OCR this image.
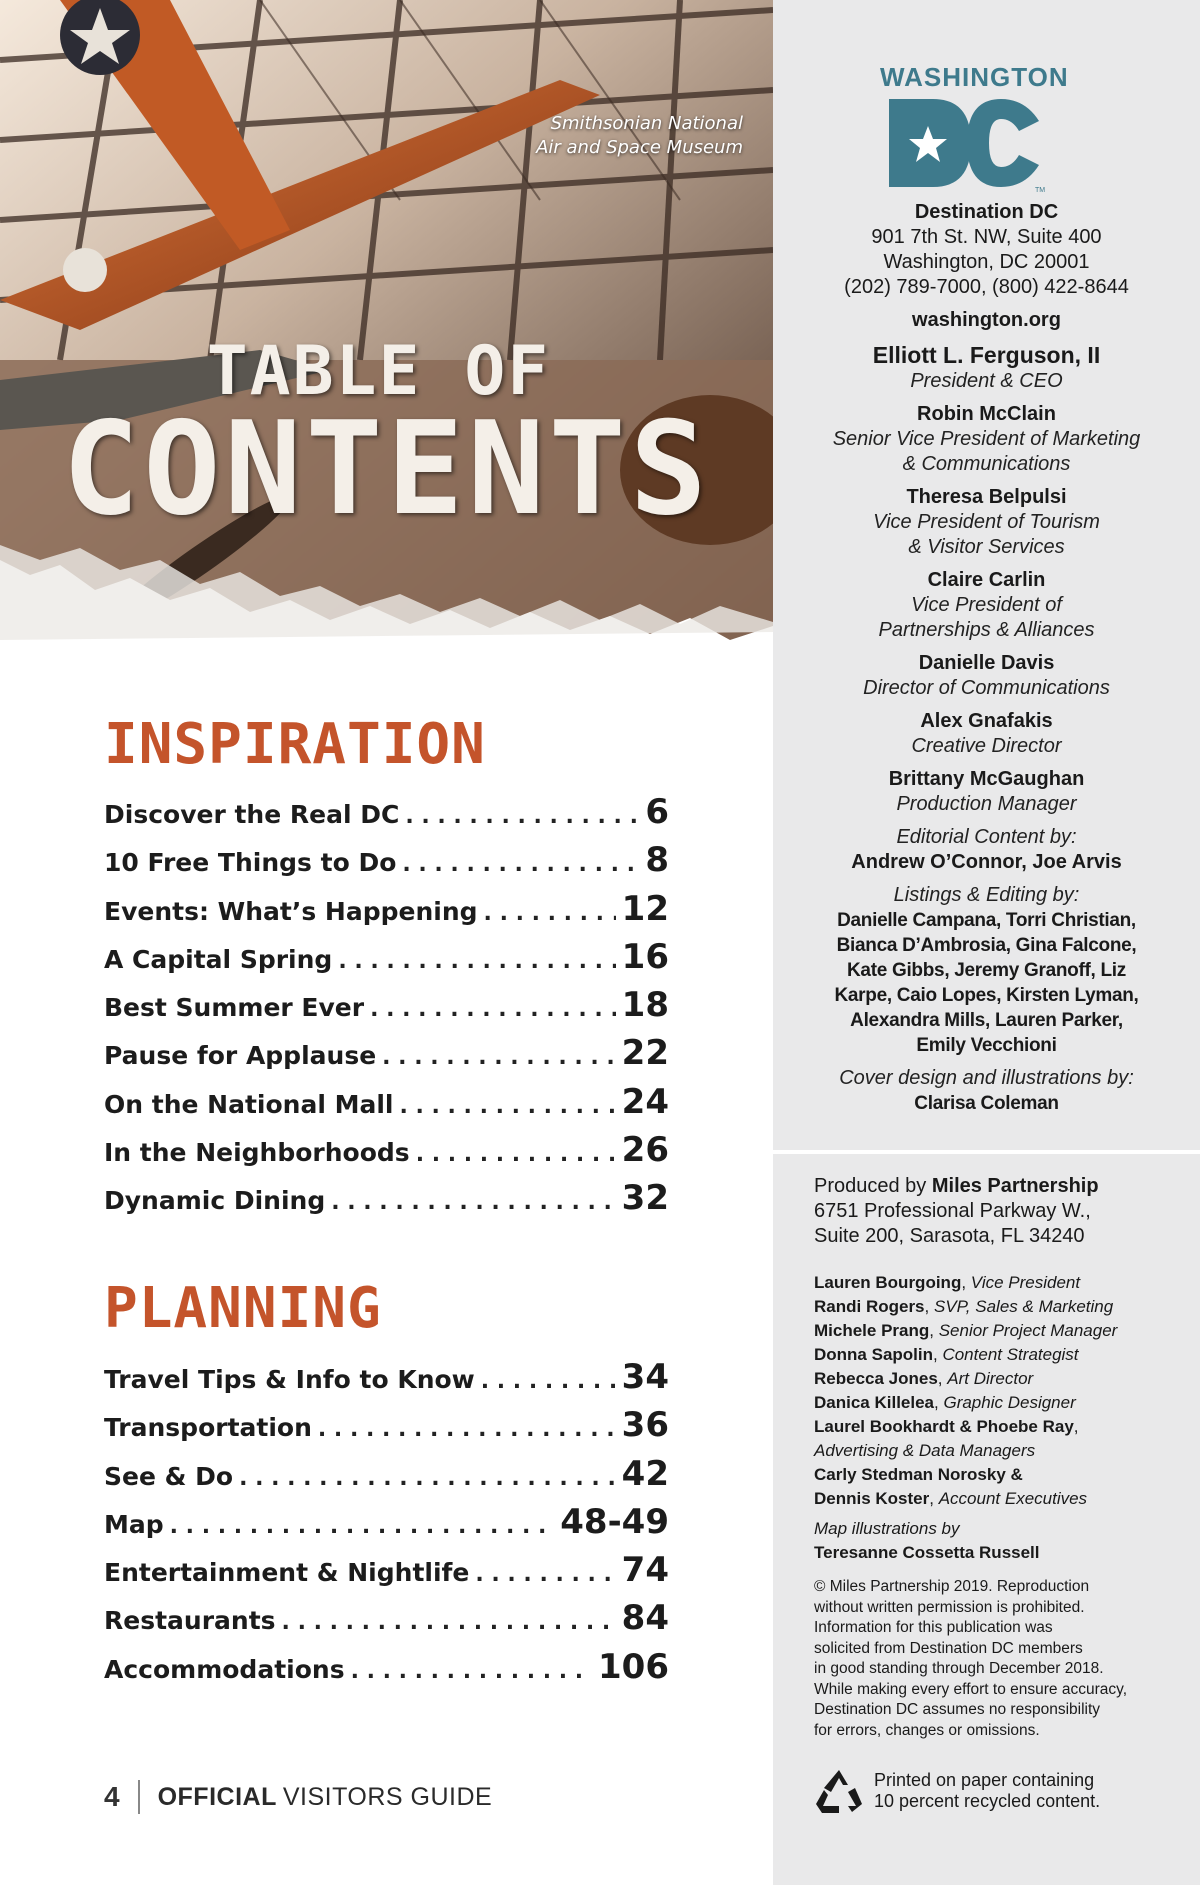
Smithsonian National
Air and Space Museum
TABLE OF
CONTENTS
INSPIRATION
Discover the Real DC . . .	6
10 Free Things to Do . . .	8
Events: What’s Happening . . .	12
A Capital Spring . . .	16
Best Summer Ever . . .	18
Pause for Applause . . .	22
On the National Mall . . .	24
In the Neighborhoods . . .	26
Dynamic Dining . . .	32
PLANNING
Travel Tips & Info to Know . . .	34
Transportation . . .	36
See & Do . . .	42
Map . . .	48-49
Entertainment & Nightlife . . .	74
Restaurants . . .	84
Accommodations . . .	106
4 OFFICIAL VISITORS GUIDE
WASHINGTON
TM
Destination DC
901 7th St. NW, Suite 400
Washington, DC 20001
(202) 789-7000, (800) 422-8644
washington.org
Elliott L. Ferguson, II
President & CEO
Robin McClain
Senior Vice President of Marketing
& Communications
Theresa Belpulsi
Vice President of Tourism
& Visitor Services
Claire Carlin
Vice President of
Partnerships & Alliances
Danielle Davis
Director of Communications
Alex Gnafakis
Creative Director
Brittany McGaughan
Production Manager
Editorial Content by:
Andrew O’Connor, Joe Arvis
Listings & Editing by:
Danielle Campana, Torri Christian,
Bianca D’Ambrosia, Gina Falcone,
Kate Gibbs, Jeremy Granoff, Liz
Karpe, Caio Lopes, Kirsten Lyman,
Alexandra Mills, Lauren Parker,
Emily Vecchioni
Cover design and illustrations by:
Clarisa Coleman
Produced by Miles Partnership
6751 Professional Parkway W.,
Suite 200, Sarasota, FL 34240
Lauren Bourgoing, Vice President
Randi Rogers, SVP, Sales & Marketing
Michele Prang, Senior Project Manager
Donna Sapolin, Content Strategist
Rebecca Jones, Art Director
Danica Killelea, Graphic Designer
Laurel Bookhardt & Phoebe Ray,
Advertising & Data Managers
Carly Stedman Norosky &
Dennis Koster, Account Executives
Map illustrations by
Teresanne Cossetta Russell
© Miles Partnership 2019. Reproduction
without written permission is prohibited.
Information for this publication was
solicited from Destination DC members
in good standing through December 2018.
While making every effort to ensure accuracy,
Destination DC assumes no responsibility
for errors, changes or omissions.
Printed on paper containing
10 percent recycled content.
